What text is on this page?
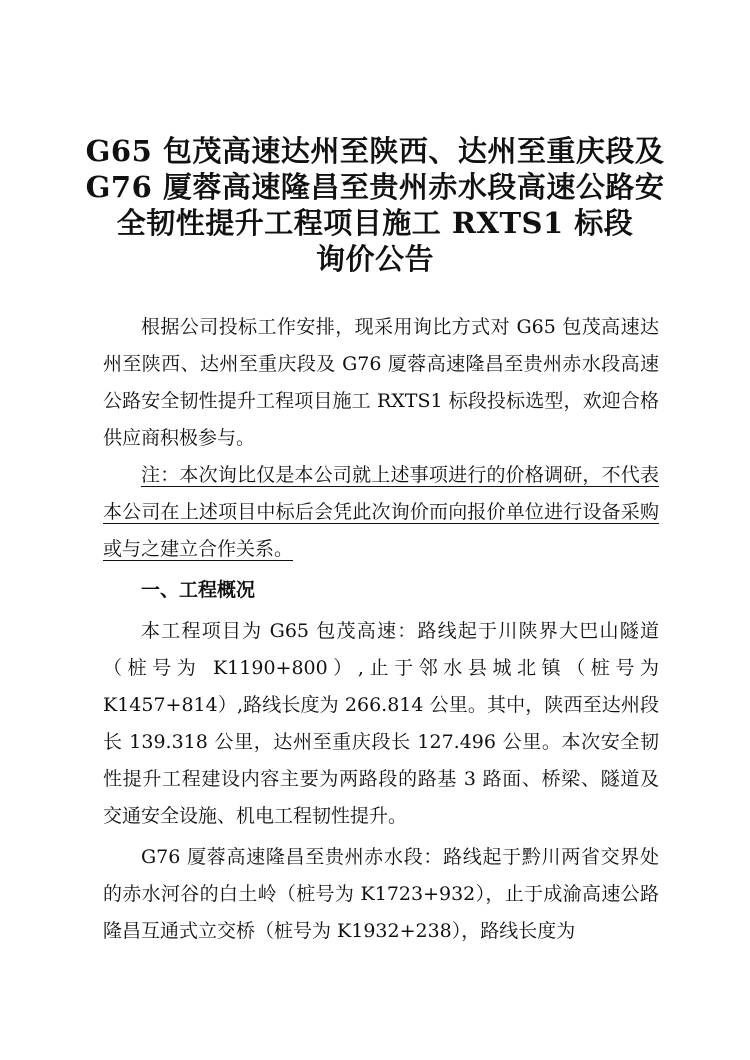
G65 包茂高速达州至陕西、达州至重庆段及
G76 厦蓉高速隆昌至贵州赤水段高速公路安
全韧性提升工程项目施工 RXTS1 标段
询价公告

根据公司投标工作安排，现采用询比方式对 G65 包茂高速达州至陕西、达州至重庆段及 G76 厦蓉高速隆昌至贵州赤水段高速公路安全韧性提升工程项目施工 RXTS1 标段投标选型，欢迎合格供应商积极参与。

注：本次询比仅是本公司就上述事项进行的价格调研，不代表本公司在上述项目中标后会凭此次询价而向报价单位进行设备采购或与之建立合作关系。

一、工程概况

本工程项目为 G65 包茂高速：路线起于川陕界大巴山隧道（桩号为 K1190+800）,止于邻水县城北镇（桩号为 K1457+814）,路线长度为 266.814 公里。其中，陕西至达州段长 139.318 公里，达州至重庆段长 127.496 公里。本次安全韧性提升工程建设内容主要为两路段的路基 3 路面、桥梁、隧道及交通安全设施、机电工程韧性提升。

G76 厦蓉高速隆昌至贵州赤水段：路线起于黔川两省交界处的赤水河谷的白土岭（桩号为 K1723+932），止于成渝高速公路隆昌互通式立交桥（桩号为 K1932+238），路线长度为
